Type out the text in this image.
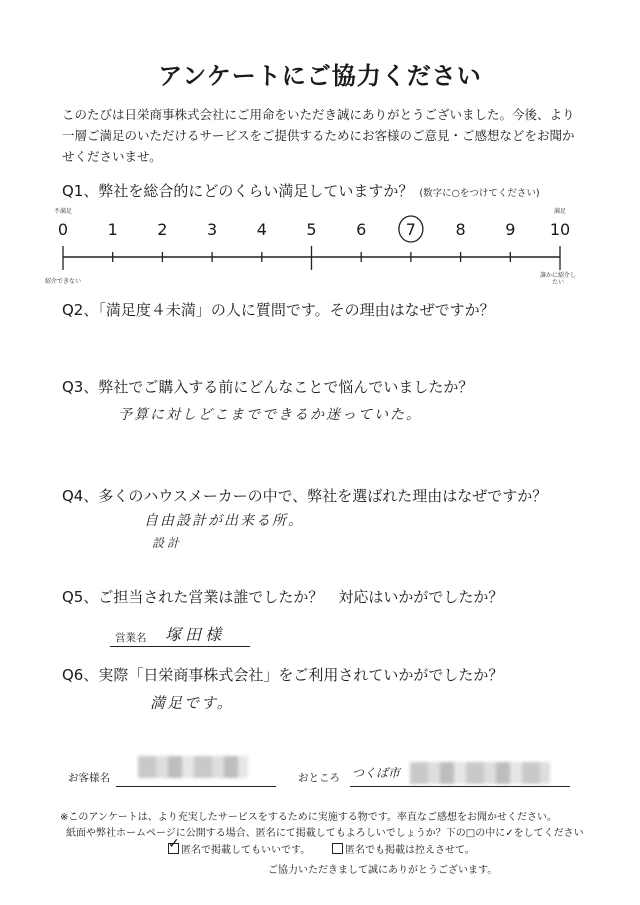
アンケートにご協力ください
このたびは日栄商事株式会社にご用命をいただき誠にありがとうございました。今後、より一層ご満足のいただけるサービスをご提供するためにお客様のご意見・ご感想などをお聞かせくださいませ。
Q1、弊社を総合的にどのくらい満足していますか？ (数字に○をつけてください)
不満足	満足
0	1	2	3	4	5	6	7	8	9	10
紹介できない
誰かに紹介したい
Q2、「満足度４未満」の人に質問です。その理由はなぜですか？
Q3、弊社でご購入する前にどんなことで悩んでいましたか？
予算に対しどこまでできるか迷っていた。
Q4、多くのハウスメーカーの中で、弊社を選ばれた理由はなぜですか？
自由設計が出来る所。
設計
Q5、ご担当された営業は誰でしたか？　対応はいかがでしたか？
営業名 塚田様
Q6、実際「日栄商事株式会社」をご利用されていかがでしたか？
満足です。
お客様名	おところ つくば市
※このアンケートは、より充実したサービスをするために実施する物です。率直なご感想をお聞かせください。
紙面や弊社ホームページに公開する場合、匿名にて掲載してもよろしいでしょうか？下の□の中に✓をしてください
✓ 匿名で掲載してもいいです。	匿名でも掲載は控えさせて。
ご協力いただきまして誠にありがとうございます。
